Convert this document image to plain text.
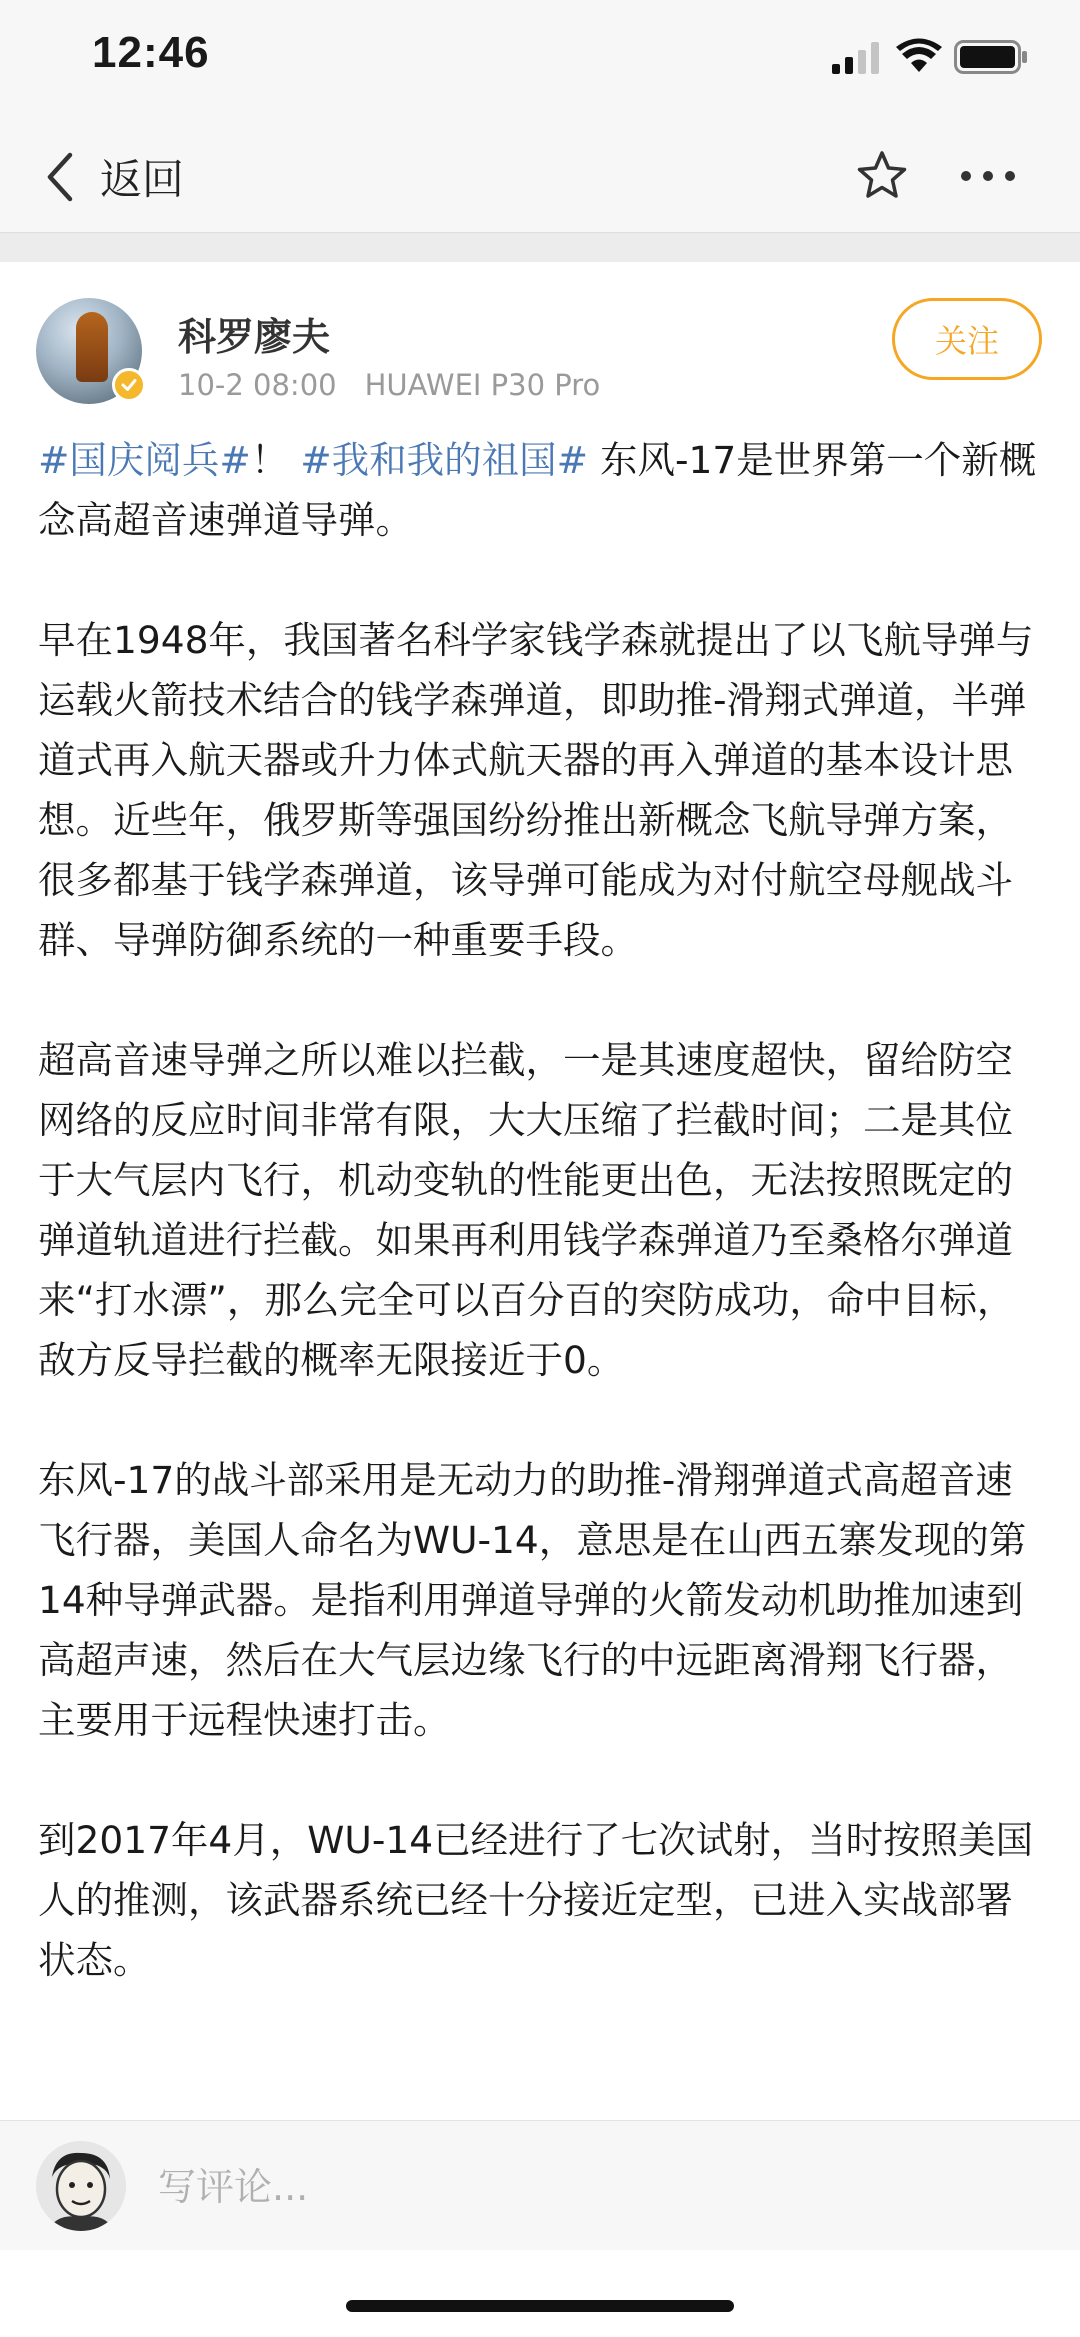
12:46
返回
科罗廖夫
10-2 08:00 HUAWEI P30 Pro
关注

#国庆阅兵#！ #我和我的祖国# 东风-17是世界第一个新概念高超音速弹道导弹。

早在1948年，我国著名科学家钱学森就提出了以飞航导弹与运载火箭技术结合的钱学森弹道，即助推-滑翔式弹道，半弹道式再入航天器或升力体式航天器的再入弹道的基本设计思想。近些年，俄罗斯等强国纷纷推出新概念飞航导弹方案，很多都基于钱学森弹道，该导弹可能成为对付航空母舰战斗群、导弹防御系统的一种重要手段。

超高音速导弹之所以难以拦截，一是其速度超快，留给防空网络的反应时间非常有限，大大压缩了拦截时间；二是其位于大气层内飞行，机动变轨的性能更出色，无法按照既定的弹道轨道进行拦截。如果再利用钱学森弹道乃至桑格尔弹道来“打水漂”，那么完全可以百分百的突防成功，命中目标，敌方反导拦截的概率无限接近于0。

东风-17的战斗部采用是无动力的助推-滑翔弹道式高超音速飞行器，美国人命名为WU-14，意思是在山西五寨发现的第14种导弹武器。是指利用弹道导弹的火箭发动机助推加速到高超声速，然后在大气层边缘飞行的中远距离滑翔飞行器，主要用于远程快速打击。

到2017年4月，WU-14已经进行了七次试射，当时按照美国人的推测，该武器系统已经十分接近定型，已进入实战部署状态。

写评论...
